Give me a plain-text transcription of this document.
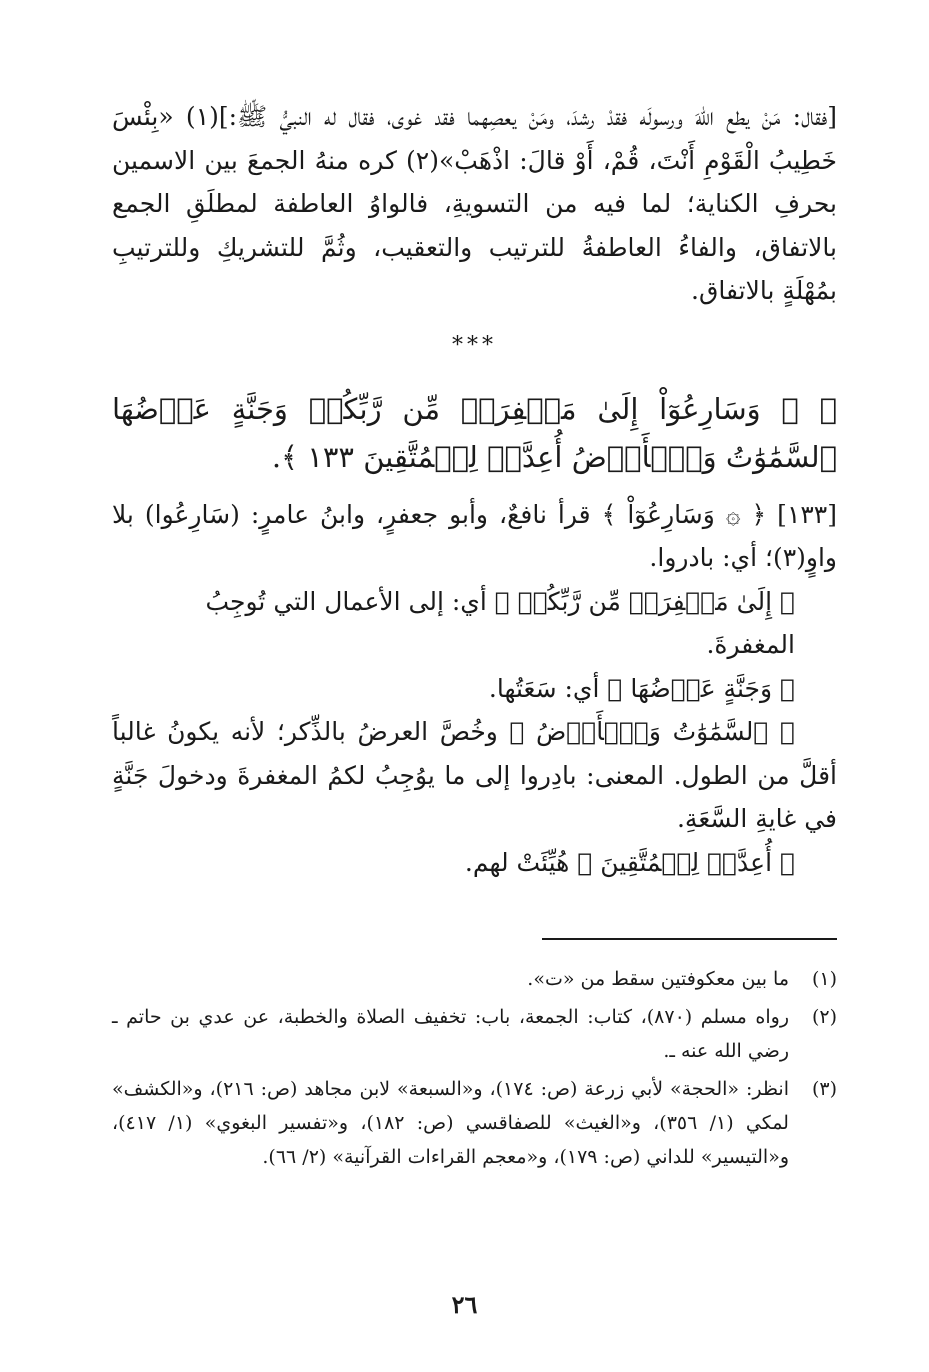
[فقال: مَنْ يطع اللهَ ورسولَه فقدْ رشدَ، ومَنْ يعصِهما فقد غوى، فقال له النبيُّ ﷺ:](١) «بِئْسَ خَطِيبُ الْقَوْمِ أَنْتَ، قُمْ، أَوْ قالَ: اذْهَبْ»(٢) كره منهُ الجمعَ بين الاسمين بحرفِ الكناية؛ لما فيه من التسويةِ، فالواوُ العاطفة لمطلَقِ الجمع بالاتفاق، والفاءُ العاطفةُ للترتيب والتعقيب، وثُمَّ للتشريكِ وللترتيبِ بمُهْلَةٍ بالاتفاق.

***

﴿ ۞ وَسَارِعُوٓاْ إِلَىٰ مَغۡفِرَةٖ مِّن رَّبِّكُمۡ وَجَنَّةٍ عَرۡضُهَا ٱلسَّمَٰوَٰتُ وَٱلۡأَرۡضُ أُعِدَّتۡ لِلۡمُتَّقِينَ ١٣٣ ﴾.

[١٣٣] ﴿ ۞ وَسَارِعُوٓاْ ﴾ قرأ نافعٌ، وأبو جعفرٍ، وابنُ عامرٍ: (سَارِعُوا) بلا واوٍ(٣)؛ أي: بادروا.

﴿ إِلَىٰ مَغۡفِرَةٖ مِّن رَّبِّكُمۡ ﴾ أي: إلى الأعمال التي تُوجِبُ المغفرةَ.

﴿ وَجَنَّةٍ عَرۡضُهَا ﴾ أي: سَعَتُها.

﴿ ٱلسَّمَٰوَٰتُ وَٱلۡأَرۡضُ ﴾ وخُصَّ العرضُ بالذِّكر؛ لأنه يكونُ غالباً أقلَّ من الطول. المعنى: بادِروا إلى ما يوُجِبُ لكمُ المغفرةَ ودخولَ جَنَّةٍ في غايةِ السَّعَةِ.

﴿ أُعِدَّتۡ لِلۡمُتَّقِينَ ﴾ هُيِّئَتْ لهم.

(١)
ما بين معكوفتين سقط من «ت».
(٢)
رواه مسلم (٨٧٠)، كتاب: الجمعة، باب: تخفيف الصلاة والخطبة، عن عدي بن حاتم ـ رضي الله عنه ـ.
(٣)
انظر: «الحجة» لأبي زرعة (ص: ١٧٤)، و«السبعة» لابن مجاهد (ص: ٢١٦)، و«الكشف» لمكي (١/ ٣٥٦)، و«الغيث» للصفاقسي (ص: ١٨٢)، و«تفسير البغوي» (١/ ٤١٧)، و«التيسير» للداني (ص: ١٧٩)، و«معجم القراءات القرآنية» (٢/ ٦٦).
٢٦
